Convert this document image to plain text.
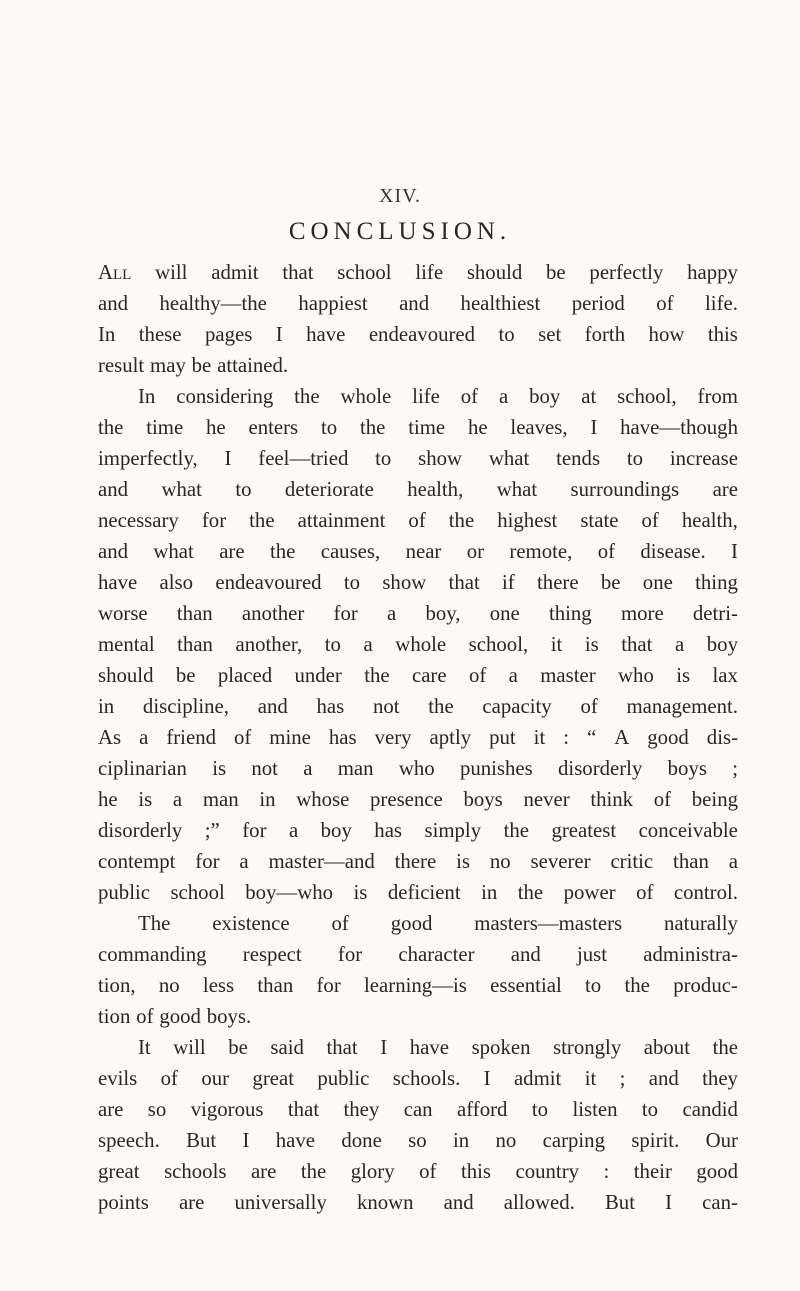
XIV.
CONCLUSION.
All will admit that school life should be perfectly happy
and healthy—the happiest and healthiest period of life.
In these pages I have endeavoured to set forth how this
result may be attained.
In considering the whole life of a boy at school, from
the time he enters to the time he leaves, I have—though
imperfectly, I feel—tried to show what tends to increase
and what to deteriorate health, what surroundings are
necessary for the attainment of the highest state of health,
and what are the causes, near or remote, of disease. I
have also endeavoured to show that if there be one thing
worse than another for a boy, one thing more detri-
mental than another, to a whole school, it is that a boy
should be placed under the care of a master who is lax
in discipline, and has not the capacity of management.
As a friend of mine has very aptly put it : “ A good dis-
ciplinarian is not a man who punishes disorderly boys ;
he is a man in whose presence boys never think of being
disorderly ;” for a boy has simply the greatest conceivable
contempt for a master—and there is no severer critic than a
public school boy—who is deficient in the power of control.
The existence of good masters—masters naturally
commanding respect for character and just administra-
tion, no less than for learning—is essential to the produc-
tion of good boys.
It will be said that I have spoken strongly about the
evils of our great public schools. I admit it ; and they
are so vigorous that they can afford to listen to candid
speech. But I have done so in no carping spirit. Our
great schools are the glory of this country : their good
points are universally known and allowed. But I can-
